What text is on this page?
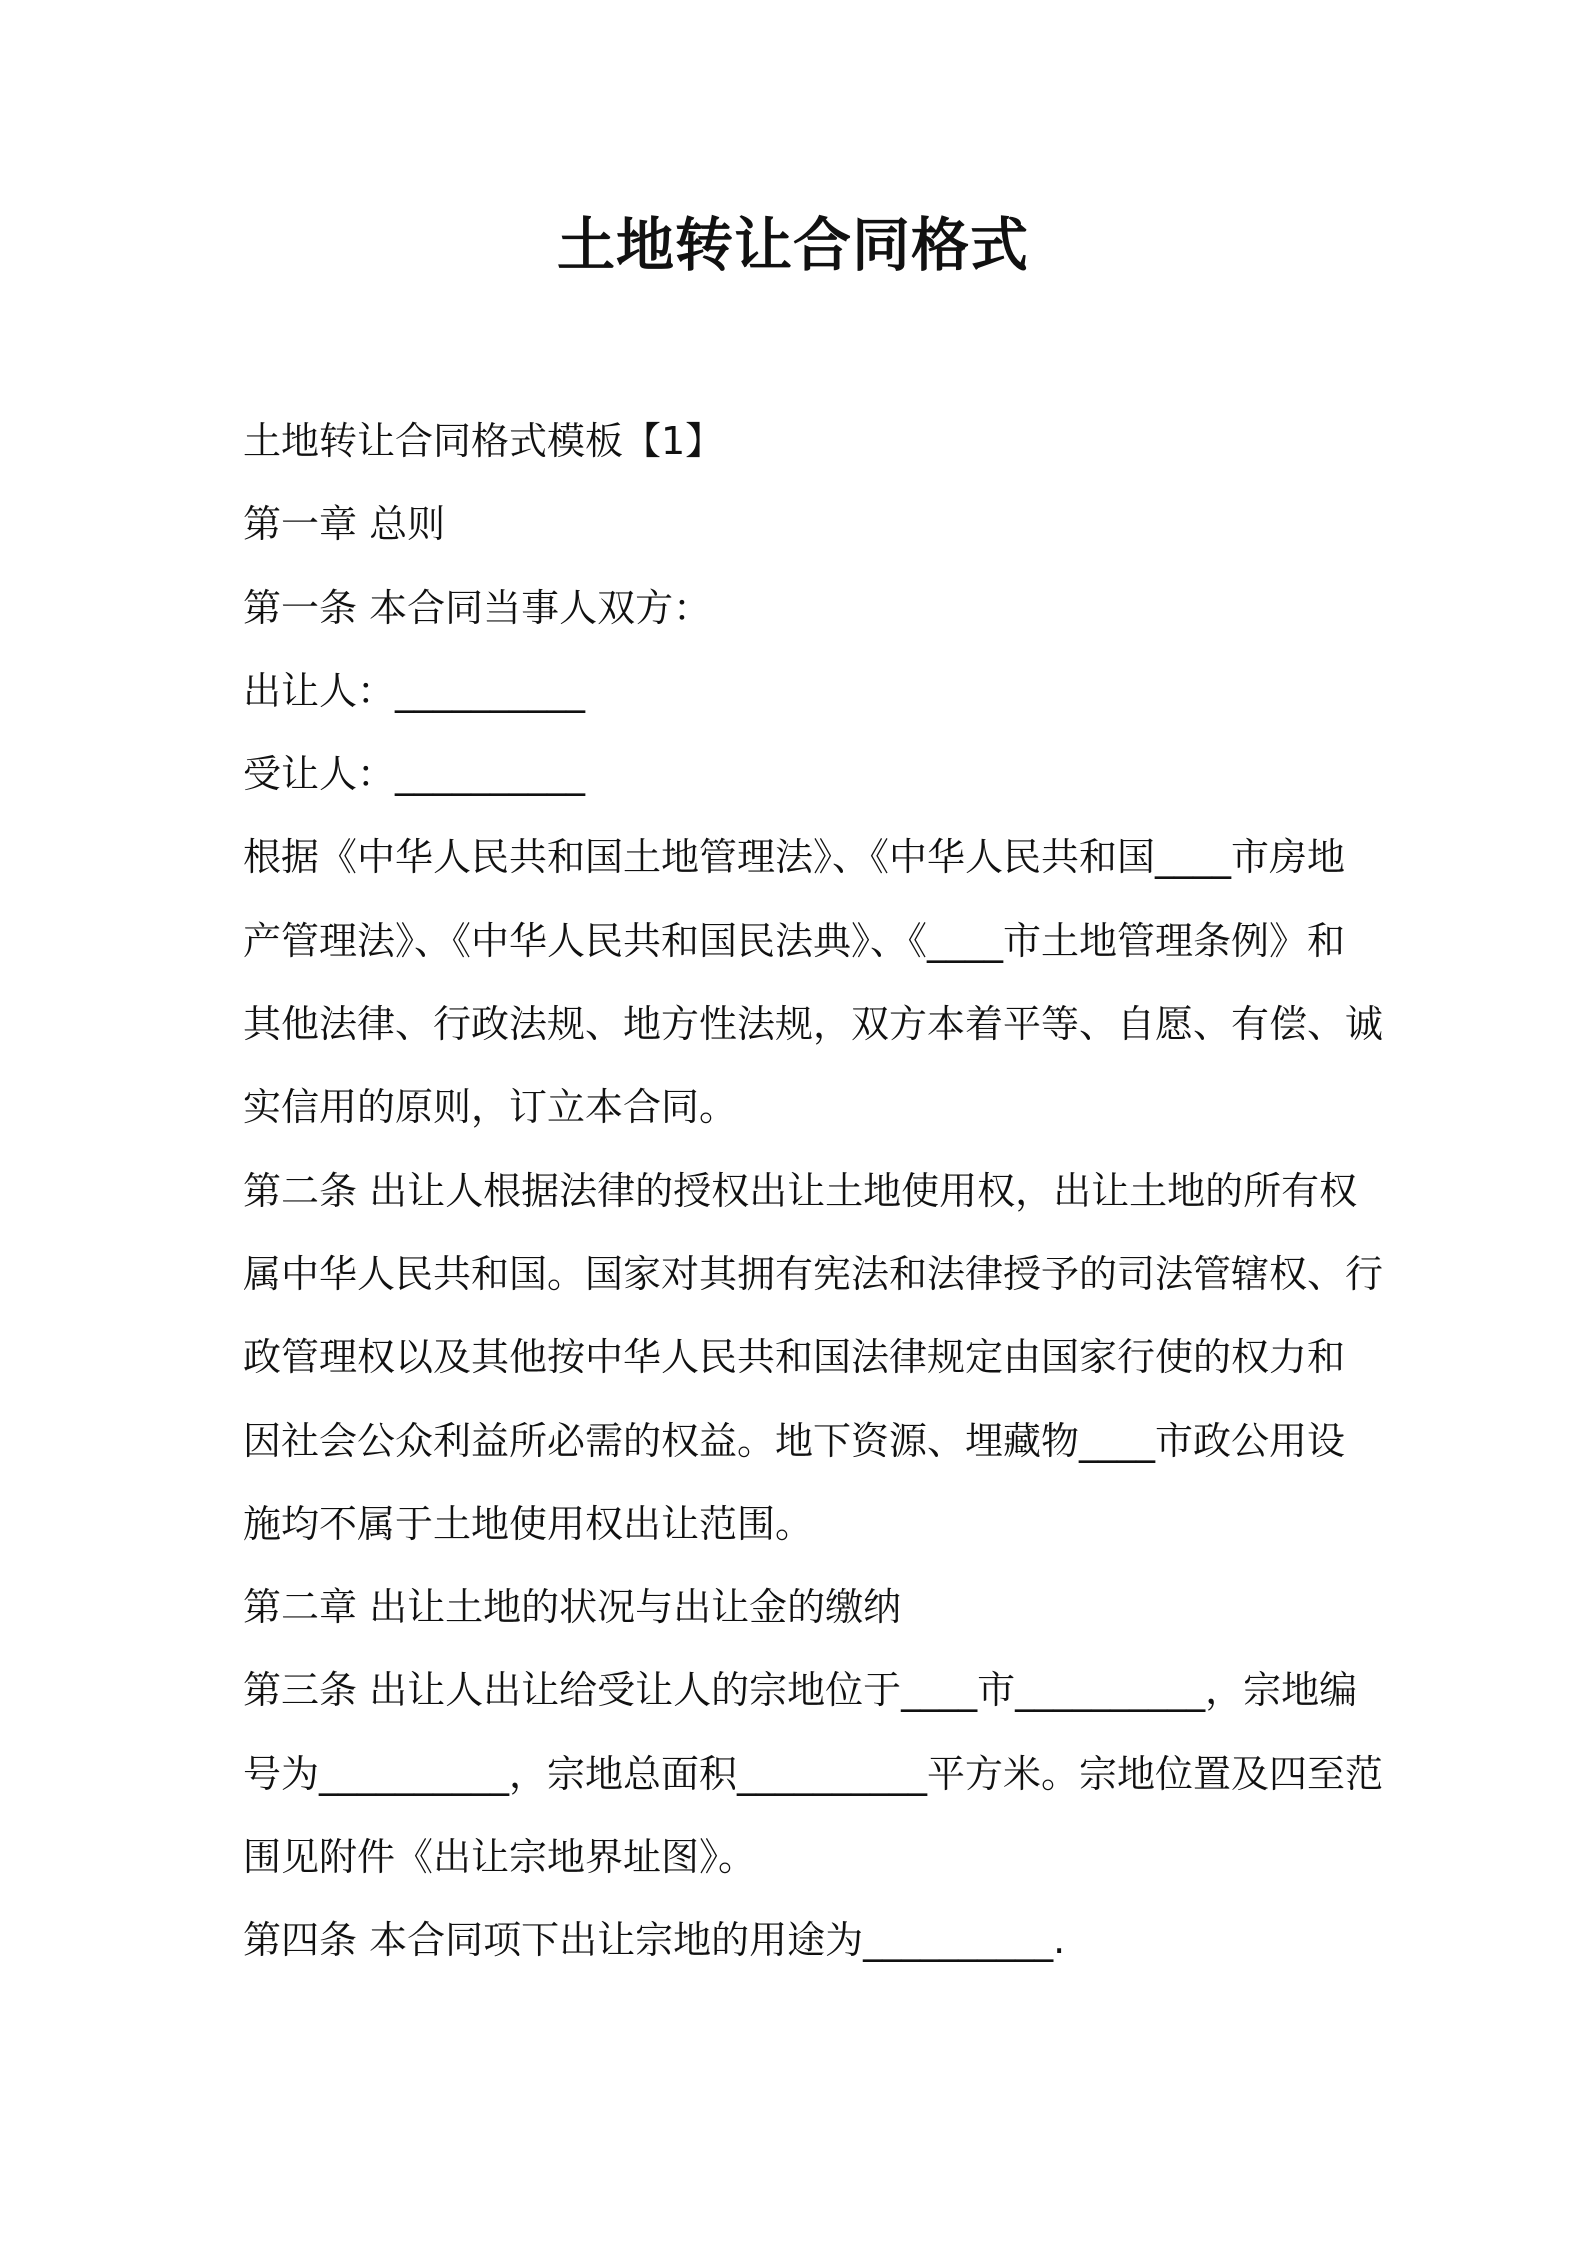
土地转让合同格式
土地转让合同格式模板【1】
第一章 总则
第一条 本合同当事人双方：
出让人：__________
受让人：__________
根据《中华人民共和国土地管理法》、《中华人民共和国____市房地
产管理法》、《中华人民共和国民法典》、《____市土地管理条例》和
其他法律、行政法规、地方性法规，双方本着平等、自愿、有偿、诚
实信用的原则，订立本合同。
第二条 出让人根据法律的授权出让土地使用权，出让土地的所有权
属中华人民共和国。国家对其拥有宪法和法律授予的司法管辖权、行
政管理权以及其他按中华人民共和国法律规定由国家行使的权力和
因社会公众利益所必需的权益。地下资源、埋藏物____市政公用设
施均不属于土地使用权出让范围。
第二章 出让土地的状况与出让金的缴纳
第三条 出让人出让给受让人的宗地位于____市__________，宗地编
号为__________，宗地总面积__________平方米。宗地位置及四至范
围见附件《出让宗地界址图》。
第四条 本合同项下出让宗地的用途为__________.
